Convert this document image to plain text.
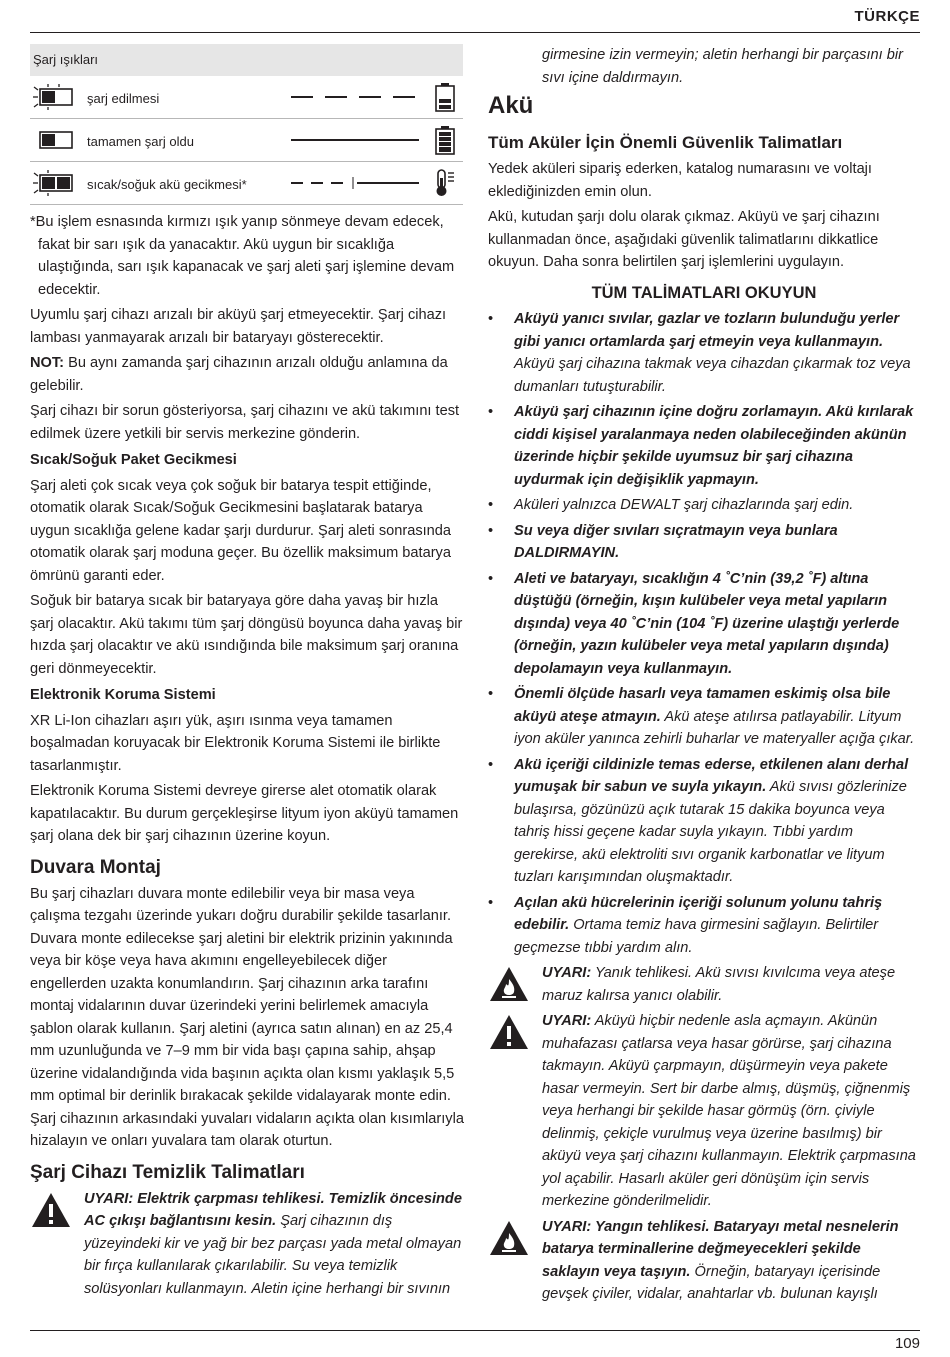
TÜRKÇE
Şarj ışıkları
şarj edilmesi
tamamen şarj oldu
sıcak/soğuk akü gecikmesi*

*Bu işlem esnasında kırmızı ışık yanıp sönmeye devam edecek, fakat bir sarı ışık da yanacaktır. Akü uygun bir sıcaklığa ulaştığında, sarı ışık kapanacak ve şarj aleti şarj işlemine devam edecektir.

Uyumlu şarj cihazı arızalı bir aküyü şarj etmeyecektir. Şarj cihazı lambası yanmayarak arızalı bir bataryayı gösterecektir.

NOT: Bu aynı zamanda şarj cihazının arızalı olduğu anlamına da gelebilir.

Şarj cihazı bir sorun gösteriyorsa, şarj cihazını ve akü takımını test edilmek üzere yetkili bir servis merkezine gönderin.

Sıcak/Soğuk Paket Gecikmesi

Şarj aleti çok sıcak veya çok soğuk bir batarya tespit ettiğinde, otomatik olarak Sıcak/Soğuk Gecikmesini başlatarak batarya uygun sıcaklığa gelene kadar şarjı durdurur. Şarj aleti sonrasında otomatik olarak şarj moduna geçer. Bu özellik maksimum batarya ömrünü garanti eder.

Soğuk bir batarya sıcak bir bataryaya göre daha yavaş bir hızla şarj olacaktır. Akü takımı tüm şarj döngüsü boyunca daha yavaş bir hızda şarj olacaktır ve akü ısındığında bile maksimum şarj oranına geri dönmeyecektir.

Elektronik Koruma Sistemi

XR Li-Ion cihazları aşırı yük, aşırı ısınma veya tamamen boşalmadan koruyacak bir Elektronik Koruma Sistemi ile birlikte tasarlanmıştır.

Elektronik Koruma Sistemi devreye girerse alet otomatik olarak kapatılacaktır. Bu durum gerçekleşirse lityum iyon aküyü tamamen şarj olana dek bir şarj cihazının üzerine koyun.

Duvara Montaj

Bu şarj cihazları duvara monte edilebilir veya bir masa veya çalışma tezgahı üzerinde yukarı doğru durabilir şekilde tasarlanır. Duvara monte edilecekse şarj aletini bir elektrik prizinin yakınında veya bir köşe veya hava akımını engelleyebilecek diğer engellerden uzakta konumlandırın. Şarj cihazının arka tarafını montaj vidalarının duvar üzerindeki yerini belirlemek amacıyla şablon olarak kullanın. Şarj aletini (ayrıca satın alınan) en az 25,4 mm uzunluğunda ve 7–9 mm bir vida başı çapına sahip, ahşap üzerine vidalandığında vida başının açıkta olan kısmı yaklaşık 5,5 mm optimal bir derinlik bırakacak şekilde vidalayarak monte edin. Şarj cihazının arkasındaki yuvaları vidaların açıkta olan kısımlarıyla hizalayın ve onları yuvalara tam olarak oturtun.

Şarj Cihazı Temizlik Talimatları
UYARI: Elektrik çarpması tehlikesi. Temizlik öncesinde AC çıkışı bağlantısını kesin. Şarj cihazının dış yüzeyindeki kir ve yağ bir bez parçası yada metal olmayan bir fırça kullanılarak çıkarılabilir. Su veya temizlik solüsyonları kullanmayın. Aletin içine herhangi bir sıvının

girmesine izin vermeyin; aletin herhangi bir parçasını bir sıvı içine daldırmayın.

Akü
Tüm Aküler İçin Önemli Güvenlik Talimatları

Yedek aküleri sipariş ederken, katalog numarasını ve voltajı eklediğinizden emin olun.

Akü, kutudan şarjı dolu olarak çıkmaz. Aküyü ve şarj cihazını kullanmadan önce, aşağıdaki güvenlik talimatlarını dikkatlice okuyun. Daha sonra belirtilen şarj işlemlerini uygulayın.

TÜM TALİMATLARI OKUYUN
• Aküyü yanıcı sıvılar, gazlar ve tozların bulunduğu yerler gibi yanıcı ortamlarda şarj etmeyin veya kullanmayın. Aküyü şarj cihazına takmak veya cihazdan çıkarmak toz veya dumanları tutuşturabilir.
• Aküyü şarj cihazının içine doğru zorlamayın. Akü kırılarak ciddi kişisel yaralanmaya neden olabileceğinden akünün üzerinde hiçbir şekilde uyumsuz bir şarj cihazına uydurmak için değişiklik yapmayın.
• Aküleri yalnızca DEWALT şarj cihazlarında şarj edin.
• Su veya diğer sıvıları sıçratmayın veya bunlara DALDIRMAYIN.
• Aleti ve bataryayı, sıcaklığın 4 ˚C’nin (39,2 ˚F) altına düştüğü (örneğin, kışın kulübeler veya metal yapıların dışında) veya 40 ˚C’nin (104 ˚F) üzerine ulaştığı yerlerde (örneğin, yazın kulübeler veya metal yapıların dışında) depolamayın veya kullanmayın.
• Önemli ölçüde hasarlı veya tamamen eskimiş olsa bile aküyü ateşe atmayın. Akü ateşe atılırsa patlayabilir. Lityum iyon aküler yanınca zehirli buharlar ve materyaller açığa çıkar.
• Akü içeriği cildinizle temas ederse, etkilenen alanı derhal yumuşak bir sabun ve suyla yıkayın. Akü sıvısı gözlerinize bulaşırsa, gözünüzü açık tutarak 15 dakika boyunca veya tahriş hissi geçene kadar suyla yıkayın. Tıbbi yardım gerekirse, akü elektroliti sıvı organik karbonatlar ve lityum tuzları karışımından oluşmaktadır.
• Açılan akü hücrelerinin içeriği solunum yolunu tahriş edebilir. Ortama temiz hava girmesini sağlayın. Belirtiler geçmezse tıbbi yardım alın.
UYARI: Yanık tehlikesi. Akü sıvısı kıvılcıma veya ateşe maruz kalırsa yanıcı olabilir.
UYARI: Aküyü hiçbir nedenle asla açmayın. Akünün muhafazası çatlarsa veya hasar görürse, şarj cihazına takmayın. Aküyü çarpmayın, düşürmeyin veya pakete hasar vermeyin. Sert bir darbe almış, düşmüş, çiğnenmiş veya herhangi bir şekilde hasar görmüş (örn. çiviyle delinmiş, çekiçle vurulmuş veya üzerine basılmış) bir aküyü veya şarj cihazını kullanmayın. Elektrik çarpmasına yol açabilir. Hasarlı aküler geri dönüşüm için servis merkezine gönderilmelidir.
UYARI: Yangın tehlikesi. Bataryayı metal nesnelerin batarya terminallerine değmeyecekleri şekilde saklayın veya taşıyın. Örneğin, bataryayı içerisinde gevşek çiviler, vidalar, anahtarlar vb. bulunan kayışlı
109
